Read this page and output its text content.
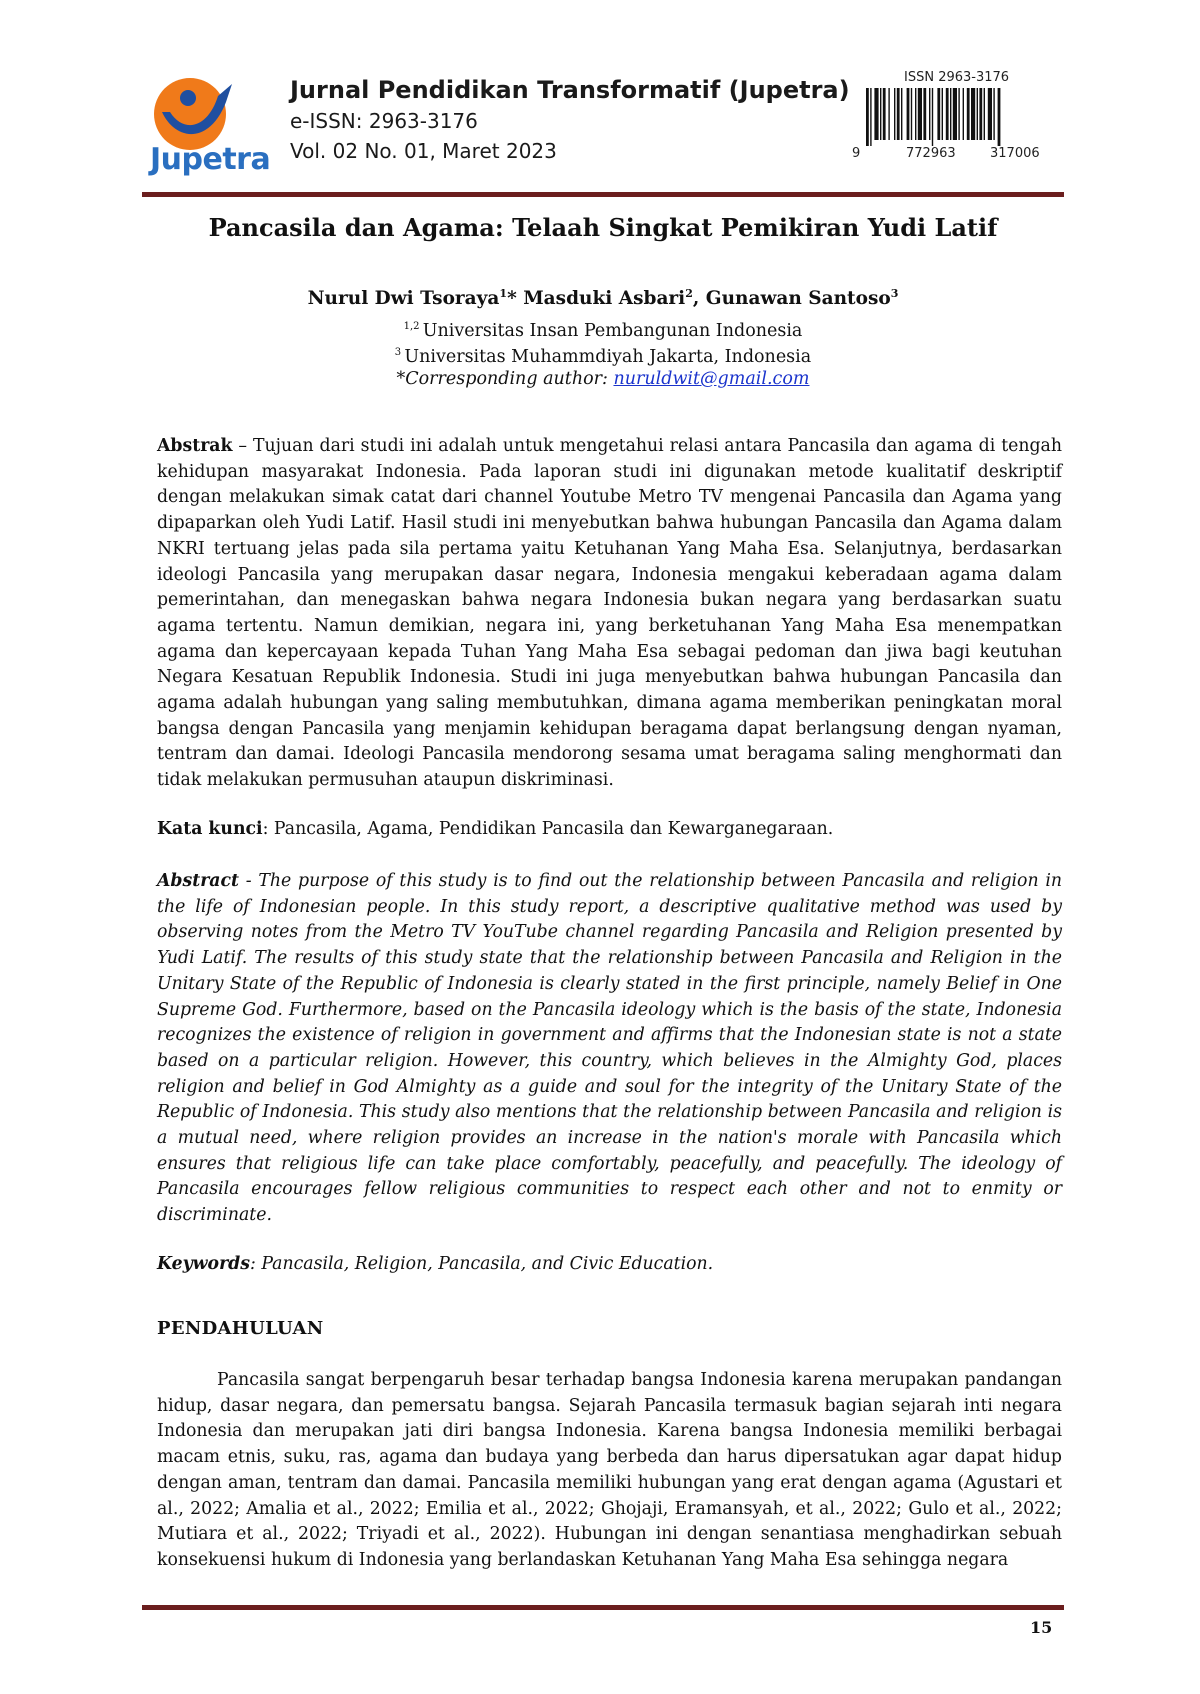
Jupetra
Jurnal Pendidikan Transformatif (Jupetra)
e-ISSN: 2963-3176
Vol. 02 No. 01, Maret 2023
ISSN 2963-3176
9	772963	317006
Pancasila dan Agama: Telaah Singkat Pemikiran Yudi Latif
Nurul Dwi Tsoraya$^1$* Masduki Asbari$^2$, Gunawan Santoso$^3$
$^{1,2}$ Universitas Insan Pembangunan Indonesia
$^3$ Universitas Muhammdiyah Jakarta, Indonesia
*Corresponding author: nuruldwit@gmail.com
Abstrak – Tujuan dari studi ini adalah untuk mengetahui relasi antara Pancasila dan agama di tengah kehidupan masyarakat Indonesia. Pada laporan studi ini digunakan metode kualitatif deskriptif dengan melakukan simak catat dari channel Youtube Metro TV mengenai Pancasila dan Agama yang dipaparkan oleh Yudi Latif. Hasil studi ini menyebutkan bahwa hubungan Pancasila dan Agama dalam NKRI tertuang jelas pada sila pertama yaitu Ketuhanan Yang Maha Esa. Selanjutnya, berdasarkan ideologi Pancasila yang merupakan dasar negara, Indonesia mengakui keberadaan agama dalam pemerintahan, dan menegaskan bahwa negara Indonesia bukan negara yang berdasarkan suatu agama tertentu. Namun demikian, negara ini, yang berketuhanan Yang Maha Esa menempatkan agama dan kepercayaan kepada Tuhan Yang Maha Esa sebagai pedoman dan jiwa bagi keutuhan Negara Kesatuan Republik Indonesia. Studi ini juga menyebutkan bahwa hubungan Pancasila dan agama adalah hubungan yang saling membutuhkan, dimana agama memberikan peningkatan moral bangsa dengan Pancasila yang menjamin kehidupan beragama dapat berlangsung dengan nyaman, tentram dan damai. Ideologi Pancasila mendorong sesama umat beragama saling menghormati dan tidak melakukan permusuhan ataupun diskriminasi.
Kata kunci: Pancasila, Agama, Pendidikan Pancasila dan Kewarganegaraan.
Abstract - The purpose of this study is to find out the relationship between Pancasila and religion in the life of Indonesian people. In this study report, a descriptive qualitative method was used by observing notes from the Metro TV YouTube channel regarding Pancasila and Religion presented by Yudi Latif. The results of this study state that the relationship between Pancasila and Religion in the Unitary State of the Republic of Indonesia is clearly stated in the first principle, namely Belief in One Supreme God. Furthermore, based on the Pancasila ideology which is the basis of the state, Indonesia recognizes the existence of religion in government and affirms that the Indonesian state is not a state based on a particular religion. However, this country, which believes in the Almighty God, places religion and belief in God Almighty as a guide and soul for the integrity of the Unitary State of the Republic of Indonesia. This study also mentions that the relationship between Pancasila and religion is a mutual need, where religion provides an increase in the nation's morale with Pancasila which ensures that religious life can take place comfortably, peacefully, and peacefully. The ideology of Pancasila encourages fellow religious communities to respect each other and not to enmity or discriminate.
Keywords: Pancasila, Religion, Pancasila, and Civic Education.
PENDAHULUAN
Pancasila sangat berpengaruh besar terhadap bangsa Indonesia karena merupakan pandangan hidup, dasar negara, dan pemersatu bangsa. Sejarah Pancasila termasuk bagian sejarah inti negara Indonesia dan merupakan jati diri bangsa Indonesia. Karena bangsa Indonesia memiliki berbagai macam etnis, suku, ras, agama dan budaya yang berbeda dan harus dipersatukan agar dapat hidup dengan aman, tentram dan damai. Pancasila memiliki hubungan yang erat dengan agama (Agustari et al., 2022; Amalia et al., 2022; Emilia et al., 2022; Ghojaji, Eramansyah, et al., 2022; Gulo et al., 2022; Mutiara et al., 2022; Triyadi et al., 2022). Hubungan ini dengan senantiasa menghadirkan sebuah konsekuensi hukum di Indonesia yang berlandaskan Ketuhanan Yang Maha Esa sehingga negara
15
